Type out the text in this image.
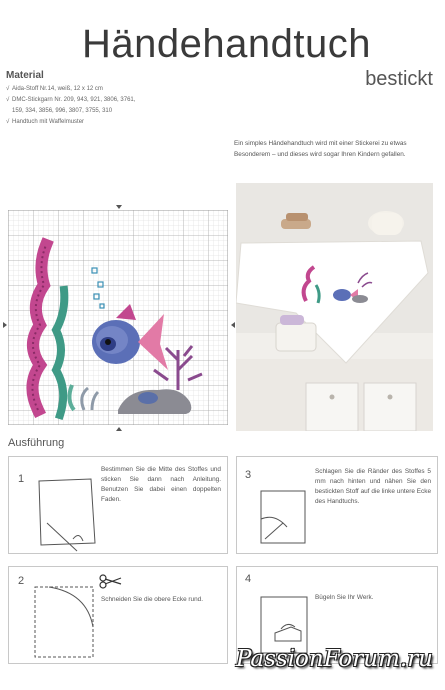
Händehandtuch
bestickt
Material
√ Aida-Stoff Nr.14, weiß, 12 x 12 cm
√ DMC-Stickgarn Nr. 209, 943, 921, 3806, 3761, 159, 334, 3856, 996, 3807, 3755, 310
√ Handtuch mit Waffelmuster
Ein simples Händehandtuch wird mit einer Stickerei zu etwas Besonderem – und dieses wird sogar Ihren Kindern gefallen.
Ausführung
1
Bestimmen Sie die Mitte des Stoffes und sticken Sie dann nach Anleitung. Benutzen Sie dabei einen doppelten Faden.
3	Schlagen Sie die Ränder des Stoffes 5 mm nach hinten und nähen Sie den bestickten Stoff auf die linke untere Ecke des Handtuchs.
2
Schneiden Sie die obere Ecke rund.
4
Bügeln Sie Ihr Werk.
PassionForum.ru
